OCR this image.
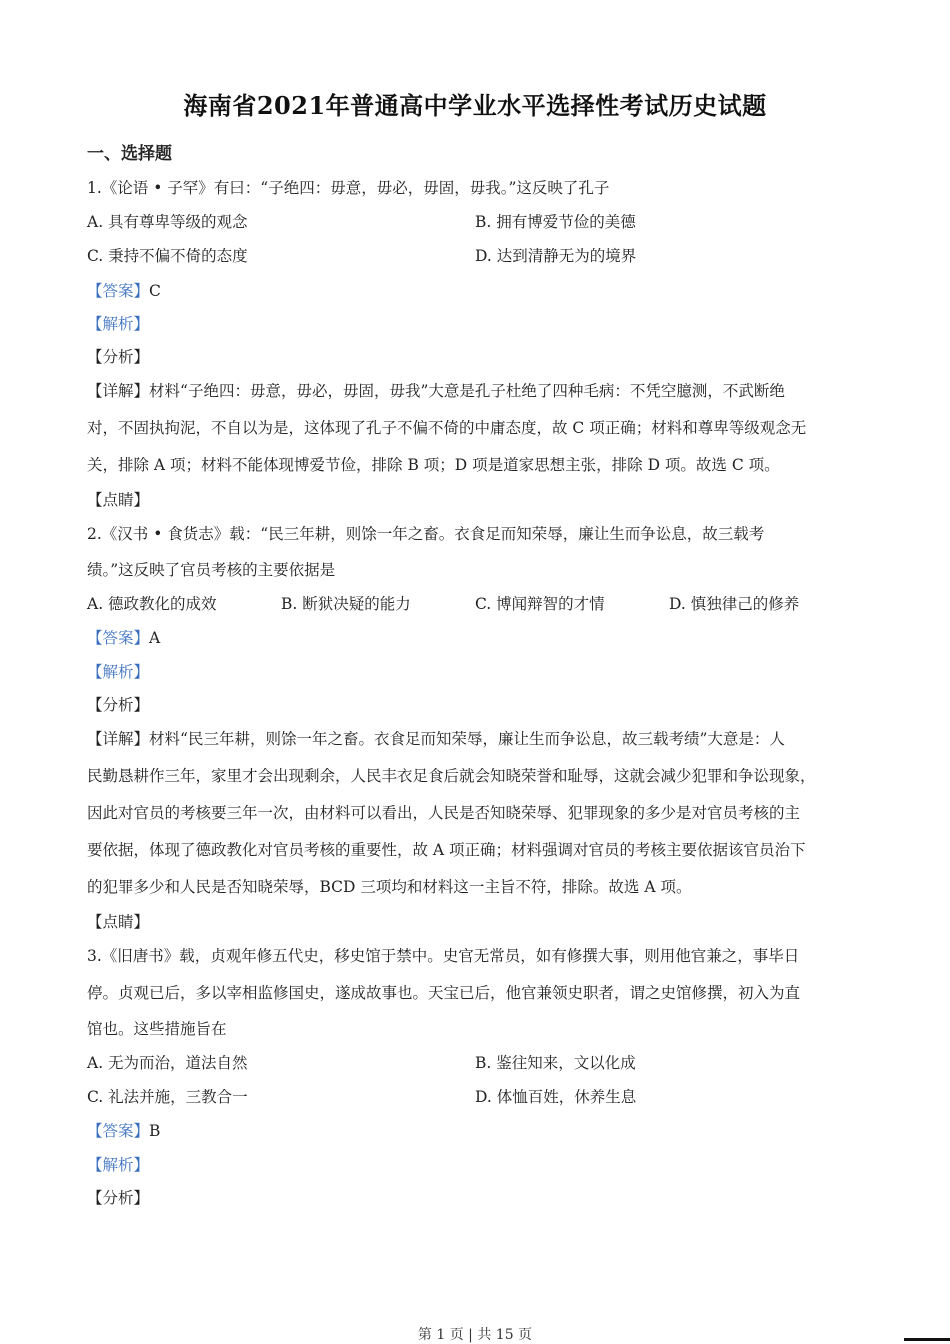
海南省2021年普通高中学业水平选择性考试历史试题
一、选择题
1.《论语 • 子罕》有曰：“子绝四：毋意，毋必，毋固，毋我。”这反映了孔子
A. 具有尊卑等级的观念	B. 拥有博爱节俭的美德
C. 秉持不偏不倚的态度	D. 达到清静无为的境界
【答案】C
【解析】
【分析】
【详解】材料“子绝四：毋意，毋必，毋固，毋我”大意是孔子杜绝了四种毛病：不凭空臆测，不武断绝
对，不固执拘泥，不自以为是，这体现了孔子不偏不倚的中庸态度，故 C 项正确；材料和尊卑等级观念无
关，排除 A 项；材料不能体现博爱节俭，排除 B 项；D 项是道家思想主张，排除 D 项。故选 C 项。
【点睛】
2.《汉书 • 食货志》载：“民三年耕，则馀一年之畜。衣食足而知荣辱，廉让生而争讼息，故三载考
绩。”这反映了官员考核的主要依据是
A. 德政教化的成效	B. 断狱决疑的能力	C. 博闻辩智的才情	D. 慎独律己的修养
【答案】A
【解析】
【分析】
【详解】材料“民三年耕，则馀一年之畜。衣食足而知荣辱，廉让生而争讼息，故三载考绩”大意是：人
民勤恳耕作三年，家里才会出现剩余，人民丰衣足食后就会知晓荣誉和耻辱，这就会减少犯罪和争讼现象，
因此对官员的考核要三年一次，由材料可以看出，人民是否知晓荣辱、犯罪现象的多少是对官员考核的主
要依据，体现了德政教化对官员考核的重要性，故 A 项正确；材料强调对官员的考核主要依据该官员治下
的犯罪多少和人民是否知晓荣辱，BCD 三项均和材料这一主旨不符，排除。故选 A 项。
【点睛】
3.《旧唐书》载，贞观年修五代史，移史馆于禁中。史官无常员，如有修撰大事，则用他官兼之，事毕日
停。贞观已后，多以宰相监修国史，遂成故事也。天宝已后，他官兼领史职者，谓之史馆修撰，初入为直
馆也。这些措施旨在
A. 无为而治，道法自然	B. 鉴往知来，文以化成
C. 礼法并施，三教合一	D. 体恤百姓，休养生息
【答案】B
【解析】
【分析】
第 1 页 | 共 15 页
